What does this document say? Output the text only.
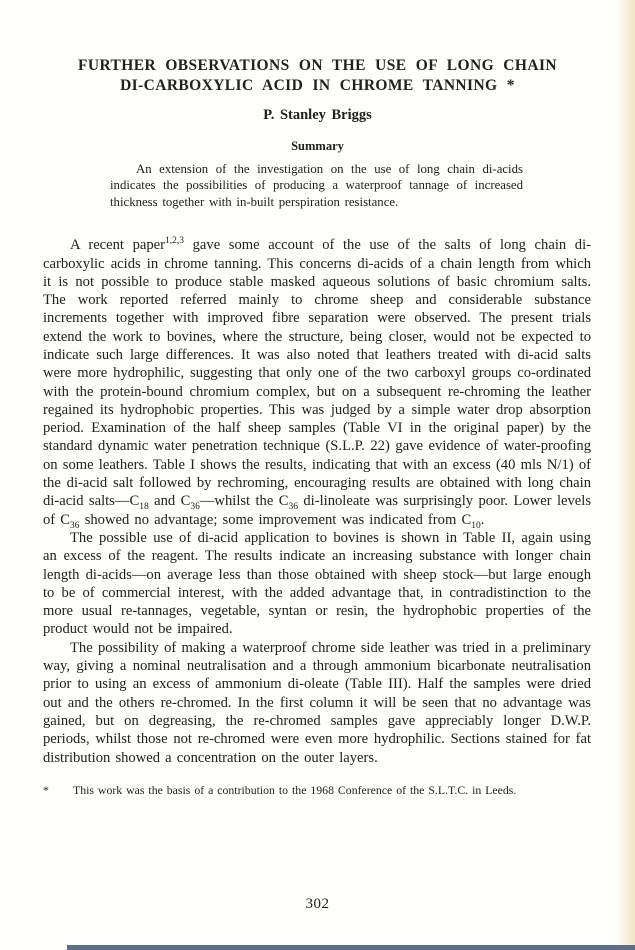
FURTHER OBSERVATIONS ON THE USE OF LONG CHAIN
DI-CARBOXYLIC ACID IN CHROME TANNING *
P. Stanley Briggs
Summary

An extension of the investigation on the use of long chain di-acids indicates the possibilities of producing a waterproof tannage of increased thickness together with in-built perspiration resistance.

A recent paper$^{1,2,3}$ gave some account of the use of the salts of long chain di-carboxylic acids in chrome tanning. This concerns di-acids of a chain length from which it is not possible to produce stable masked aqueous solutions of basic chromium salts. The work reported referred mainly to chrome sheep and considerable substance increments together with improved fibre separation were observed. The present trials extend the work to bovines, where the structure, being closer, would not be expected to indicate such large differences. It was also noted that leathers treated with di-acid salts were more hydrophilic, suggesting that only one of the two carboxyl groups co-ordinated with the protein-bound chromium complex, but on a subsequent re-chroming the leather regained its hydrophobic properties. This was judged by a simple water drop absorption period. Examination of the half sheep samples (Table VI in the original paper) by the standard dynamic water penetration technique (S.L.P. 22) gave evidence of water-proofing on some leathers. Table I shows the results, indicating that with an excess (40 mls N/1) of the di-acid salt followed by rechroming, encouraging results are obtained with long chain di-acid $salts—C_{18}$ and $C_{36}—whilst$ the $C_{36}$ di-linoleate was surprisingly poor. Lower levels of $C_{36}$ showed no advantage; some improvement was indicated from $C_{10}$.

The possible use of di-acid application to bovines is shown in Table II, again using an excess of the reagent. The results indicate an increasing substance with longer chain length di-acids—on average less than those obtained with sheep stock—but large enough to be of commercial interest, with the added advantage that, in contradistinction to the more usual re-tannages, vegetable, syntan or resin, the hydrophobic properties of the product would not be impaired.

The possibility of making a waterproof chrome side leather was tried in a preliminary way, giving a nominal neutralisation and a through ammonium bicarbonate neutralisation prior to using an excess of ammonium di-oleate (Table III). Half the samples were dried out and the others re-chromed. In the first column it will be seen that no advantage was gained, but on degreasing, the re-chromed samples gave appreciably longer D.W.P. periods, whilst those not re-chromed were even more hydrophilic. Sections stained for fat distribution showed a concentration on the outer layers.

* This work was the basis of a contribution to the 1968 Conference of the S.L.T.C. in Leeds.

302
